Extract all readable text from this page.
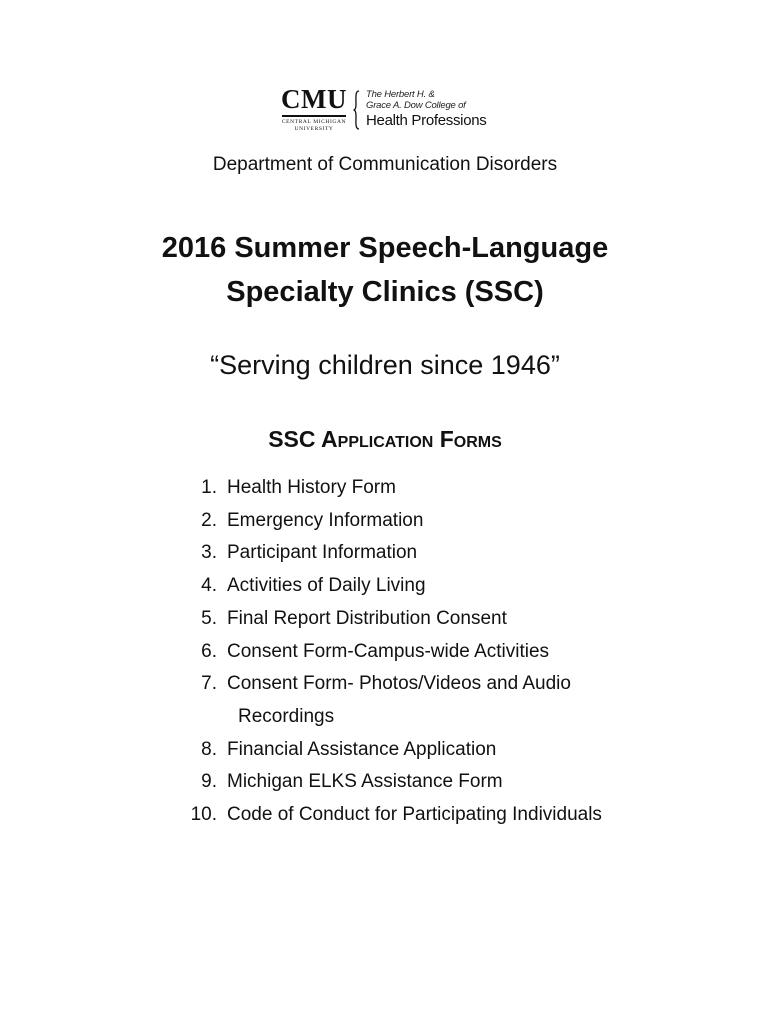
CMU
CENTRAL MICHIGAN
UNIVERSITY
The Herbert H. &
Grace A. Dow College of
Health Professions
Department of Communication Disorders
2016 Summer Speech-Language
Specialty Clinics (SSC)
“Serving children since 1946”
SSC Application Forms
1. Health History Form
2. Emergency Information
3. Participant Information
4. Activities of Daily Living
5. Final Report Distribution Consent
6. Consent Form-Campus-wide Activities
7. Consent Form- Photos/Videos and Audio
Recordings
8. Financial Assistance Application
9. Michigan ELKS Assistance Form
10. Code of Conduct for Participating Individuals
